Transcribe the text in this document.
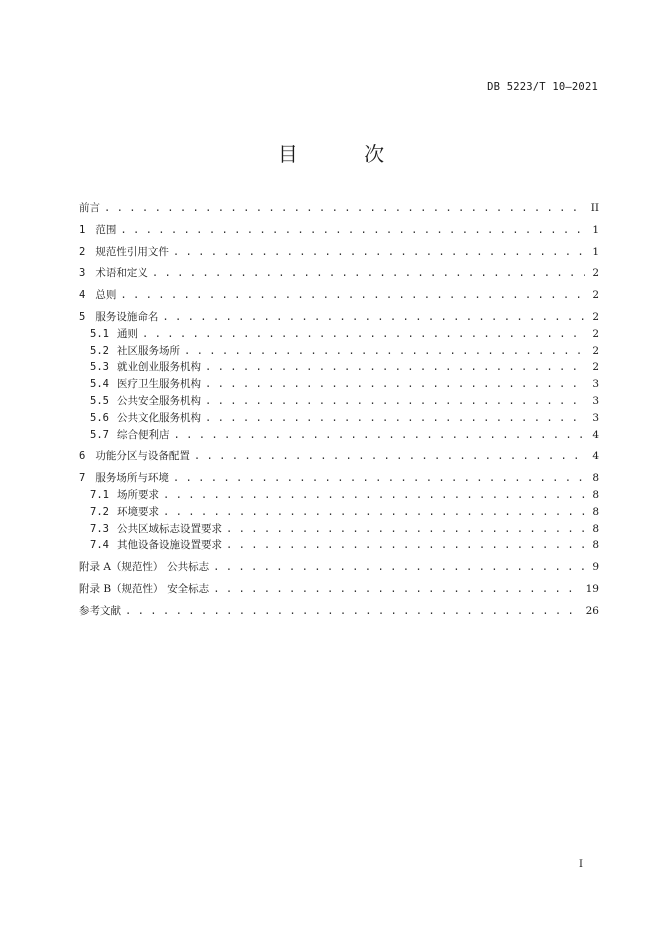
DB 5223/T 10—2021
目 次
前言 . . .	II
1 范围 . . .	1
2 规范性引用文件 . . .	1
3 术语和定义 . . .	2
4 总则 . . .	2
5 服务设施命名 . . .	2
5.1 通则 . . .	2
5.2 社区服务场所 . . .	2
5.3 就业创业服务机构 . . .	2
5.4 医疗卫生服务机构 . . .	3
5.5 公共安全服务机构 . . .	3
5.6 公共文化服务机构 . . .	3
5.7 综合便利店 . . .	4
6 功能分区与设备配置 . . .	4
7 服务场所与环境 . . .	8
7.1 场所要求 . . .	8
7.2 环境要求 . . .	8
7.3 公共区域标志设置要求 . . .	8
7.4 其他设备设施设置要求 . . .	8
附录 A（规范性） 公共标志 . . .	9
附录 B（规范性） 安全标志 . . .	19
参考文献 . . .	26
I
